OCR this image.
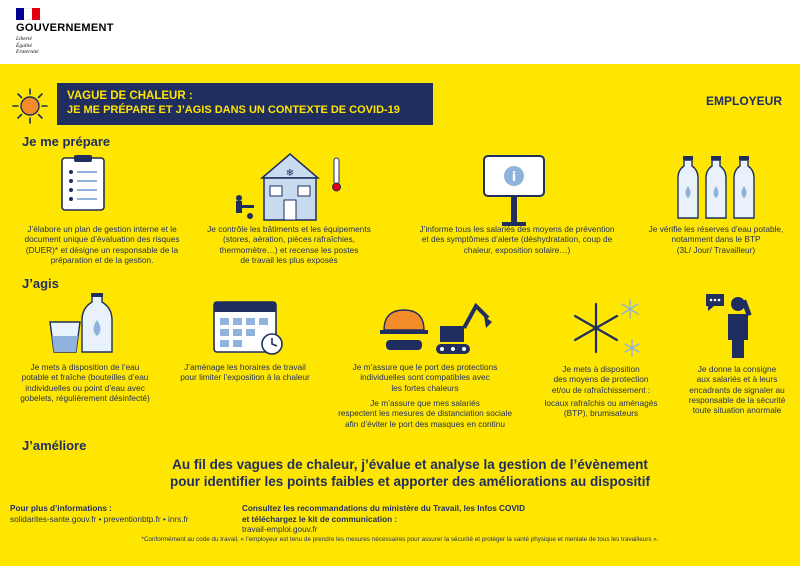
GOUVERNEMENT
Liberté
Égalité
Fraternité
VAGUE DE CHALEUR :
JE ME PRÉPARE ET J’AGIS DANS UN CONTEXTE DE COVID-19
EMPLOYEUR
Je me prépare
❄	i
J’élabore un plan de gestion interne et le
document unique d’évaluation des risques
(DUER)* et désigne un responsable de la
préparation et de la gestion.
Je contrôle les bâtiments et les équipements
(stores, aération, pièces rafraîchies,
thermomètre…) et recense les postes
de travail les plus exposés
J’informe tous les salariés des moyens de prévention
et des symptômes d’alerte (déshydratation, coup de
chaleur, exposition solaire…)
Je vérifie les réserves d’eau potable,
notamment dans le BTP
(3L/ Jour/ Travailleur)
J’agis
Je mets à disposition de l’eau
potable et fraîche (bouteilles d’eau
individuelles ou point d’eau avec
gobelets, régulièrement désinfecté)
J’aménage les horaires de travail
pour limiter l’exposition à la chaleur
Je m’assure que le port des protections
individuelles sont compatibles avec
les fortes chaleurs
Je m’assure que mes salariés
respectent les mesures de distanciation sociale
afin d’éviter le port des masques en continu
Je mets à disposition
des moyens de protection
et/ou de rafraîchissement :
locaux rafraîchis ou aménagés
(BTP), brumisateurs
Je donne la consigne
aux salariés et à leurs
encadrants de signaler au
responsable de la sécurité
toute situation anormale
J’améliore
Au fil des vagues de chaleur, j’évalue et analyse la gestion de l’évènement
pour identifier les points faibles et apporter des améliorations au dispositif
Pour plus d’informations :
solidarites-sante.gouv.fr • preventionbtp.fr • inrs.fr
Consultez les recommandations du ministère du Travail, les Infos COVID
et téléchargez le kit de communication :
travail-emploi.gouv.fr
*Conformément au code du travail, « l’employeur est tenu de prendre les mesures nécessaires pour assurer la sécurité et protéger la santé physique et mentale de tous les travailleurs ».
